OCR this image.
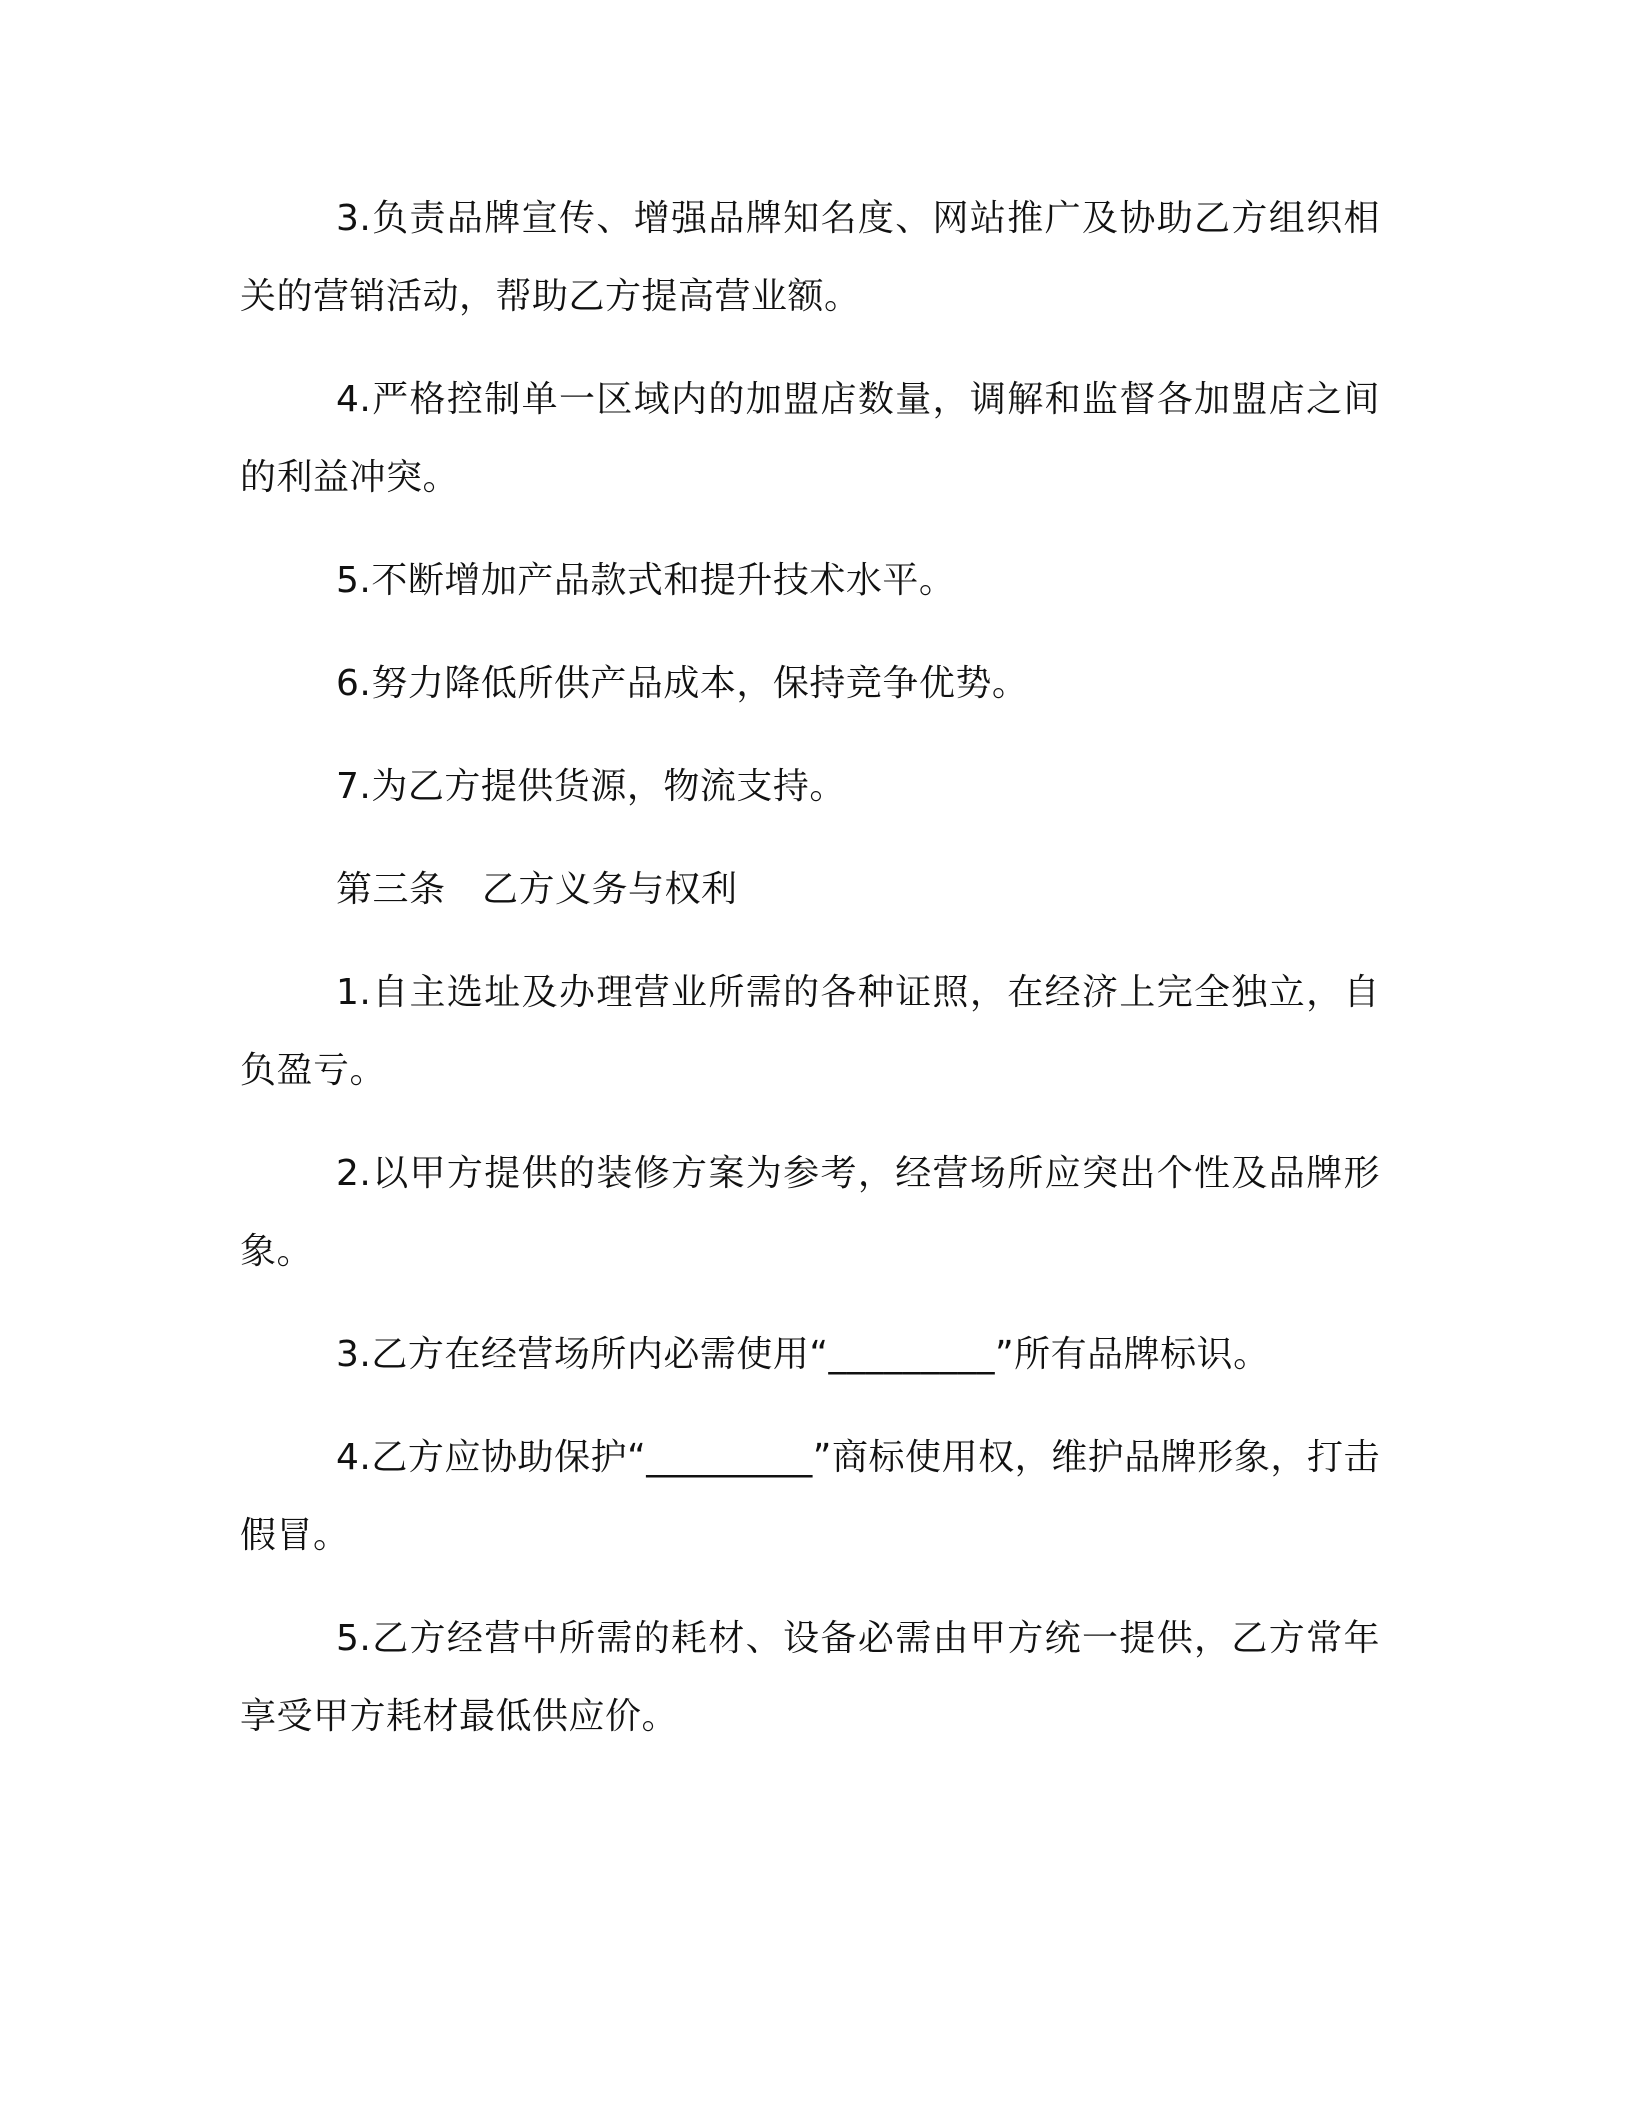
3.负责品牌宣传、增强品牌知名度、网站推广及协助乙方组织相关的营销活动，帮助乙方提高营业额。

4.严格控制单一区域内的加盟店数量，调解和监督各加盟店之间的利益冲突。

5.不断增加产品款式和提升技术水平。

6.努力降低所供产品成本，保持竞争优势。

7.为乙方提供货源，物流支持。

第三条　乙方义务与权利

1.自主选址及办理营业所需的各种证照，在经济上完全独立，自负盈亏。

2.以甲方提供的装修方案为参考，经营场所应突出个性及品牌形象。

3.乙方在经营场所内必需使用“_________”所有品牌标识。

4.乙方应协助保护“_________”商标使用权，维护品牌形象，打击假冒。

5.乙方经营中所需的耗材、设备必需由甲方统一提供，乙方常年享受甲方耗材最低供应价。
